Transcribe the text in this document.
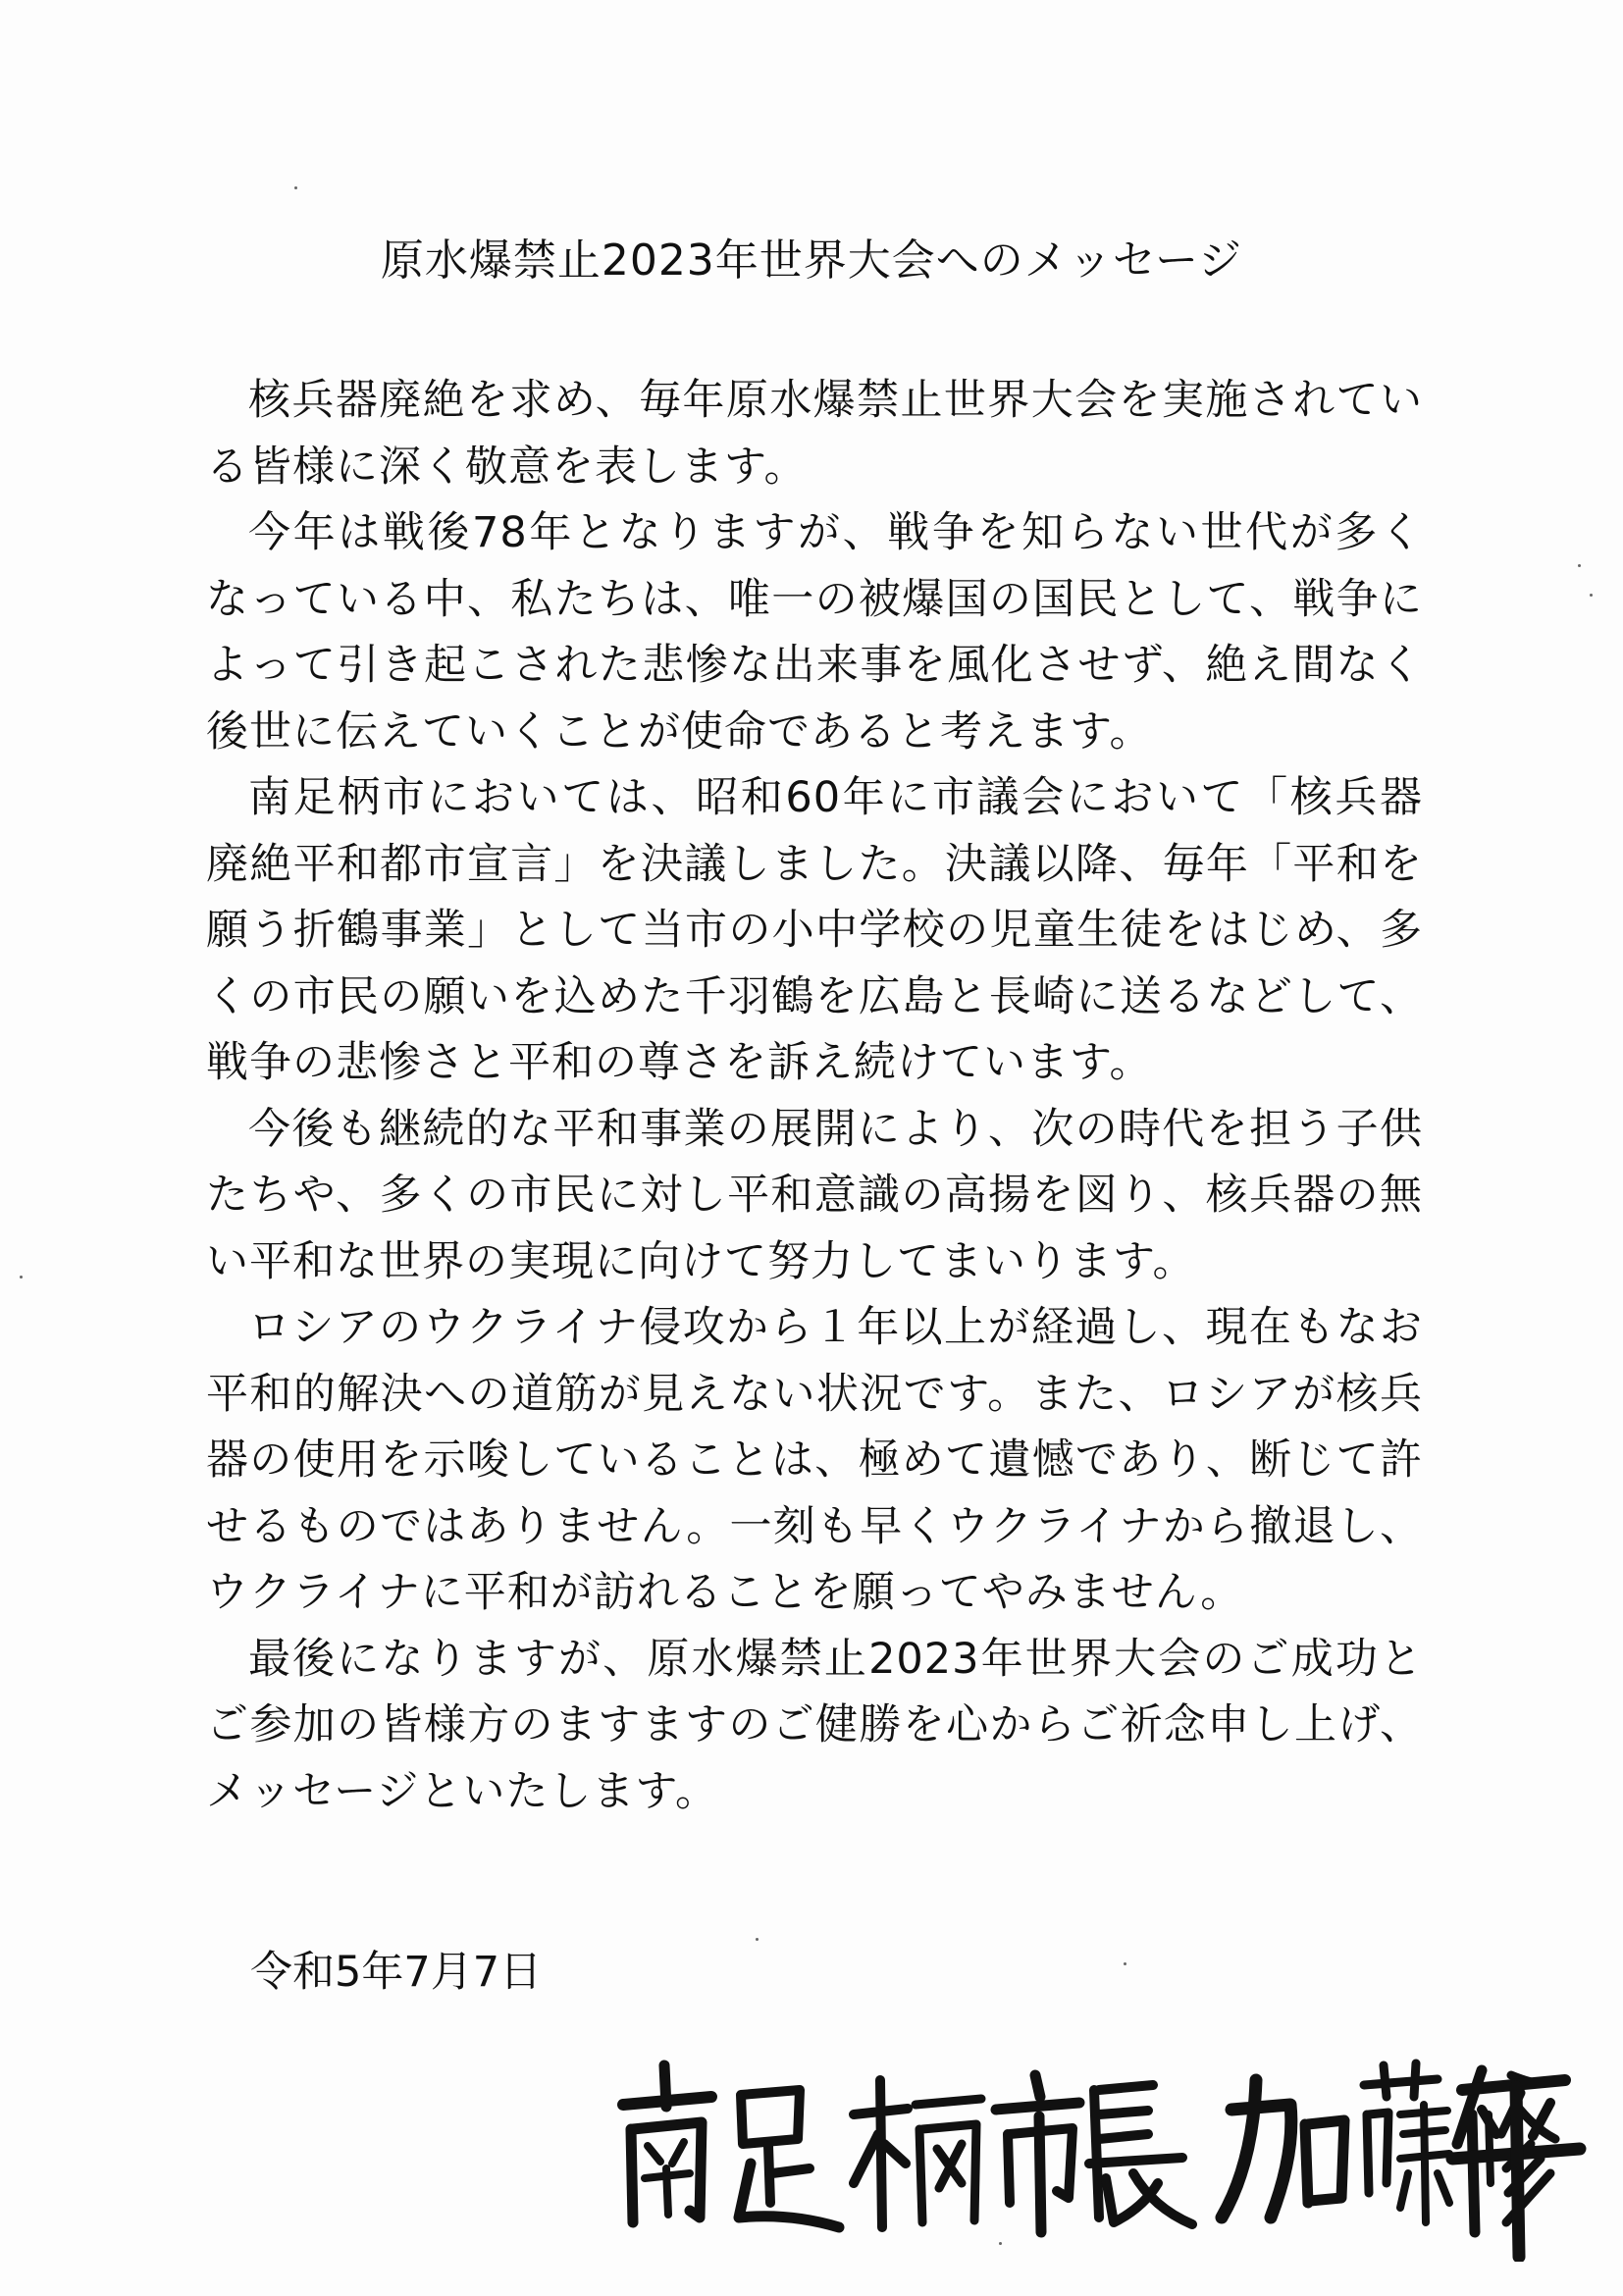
原水爆禁止2023年世界大会へのメッセージ

核兵器廃絶を求め、毎年原水爆禁止世界大会を実施されている皆様に深く敬意を表します。

今年は戦後78年となりますが、戦争を知らない世代が多くなっている中、私たちは、唯一の被爆国の国民として、戦争によって引き起こされた悲惨な出来事を風化させず、絶え間なく後世に伝えていくことが使命であると考えます。

南足柄市においては、昭和60年に市議会において「核兵器廃絶平和都市宣言」を決議しました。決議以降、毎年「平和を願う折鶴事業」として当市の小中学校の児童生徒をはじめ、多くの市民の願いを込めた千羽鶴を広島と長崎に送るなどして、戦争の悲惨さと平和の尊さを訴え続けています。

今後も継続的な平和事業の展開により、次の時代を担う子供たちや、多くの市民に対し平和意識の高揚を図り、核兵器の無い平和な世界の実現に向けて努力してまいります。

ロシアのウクライナ侵攻から１年以上が経過し、現在もなお平和的解決への道筋が見えない状況です。また、ロシアが核兵器の使用を示唆していることは、極めて遺憾であり、断じて許せるものではありません。一刻も早くウクライナから撤退し、ウクライナに平和が訪れることを願ってやみません。

最後になりますが、原水爆禁止2023年世界大会のご成功とご参加の皆様方のますますのご健勝を心からご祈念申し上げ、メッセージといたします。

令和5年7月7日
